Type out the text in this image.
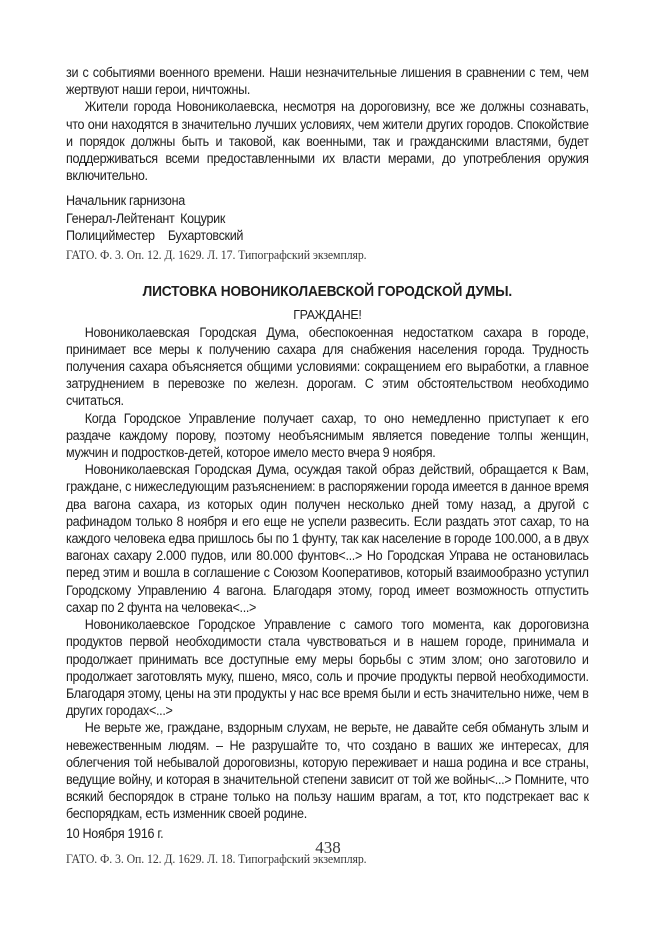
зи с событиями военного времени. Наши незначительные лишения в сравнении с тем, чем жертвуют наши герои, ничтожны.

Жители города Новониколаевска, несмотря на дороговизну, все же должны сознавать, что они находятся в значительно лучших условиях, чем жители других городов. Спокойствие и порядок должны быть и таковой, как военными, так и гражданскими властями, будет поддерживаться всеми предоставленными их власти мерами, до употребления оружия включительно.

Начальник гарнизона

Генерал-Лейтенант Коцурик

Полицийместер Бухартовский

ГАТО. Ф. 3. Оп. 12. Д. 1629. Л. 17. Типографский экземпляр.

ЛИСТОВКА НОВОНИКОЛАЕВСКОЙ ГОРОДСКОЙ ДУМЫ.
ГРАЖДАНЕ!

Новониколаевская Городская Дума, обеспокоенная недостатком сахара в городе, принимает все меры к получению сахара для снабжения населения города. Трудность получения сахара объясняется общими условиями: сокращением его выработки, а главное затруднением в перевозке по железн. дорогам. С этим обстоятельством необходимо считаться.

Когда Городское Управление получает сахар, то оно немедленно приступает к его раздаче каждому порову, поэтому необъяснимым является поведение толпы женщин, мужчин и подростков-детей, которое имело место вчера 9 ноября.

Новониколаевская Городская Дума, осуждая такой образ действий, обращается к Вам, граждане, с нижеследующим разъяснением: в распоряжении города имеется в данное время два вагона сахара, из которых один получен несколько дней тому назад, а другой с рафинадом только 8 ноября и его еще не успели развесить. Если раздать этот сахар, то на каждого человека едва пришлось бы по 1 фунту, так как население в городе 100.000, а в двух вагонах сахару 2.000 пудов, или 80.000 фунтов<...> Но Городская Управа не остановилась перед этим и вошла в соглашение с Союзом Кооперативов, который взаимообразно уступил Городскому Управлению 4 вагона. Благодаря этому, город имеет возможность отпустить сахар по 2 фунта на человека<...>

Новониколаевское Городское Управление с самого того момента, как дороговизна продуктов первой необходимости стала чувствоваться и в нашем городе, принимала и продолжает принимать все доступные ему меры борьбы с этим злом; оно заготовило и продолжает заготовлять муку, пшено, мясо, соль и прочие продукты первой необходимости. Благодаря этому, цены на эти продукты у нас все время были и есть значительно ниже, чем в других городах<...>

Не верьте же, граждане, вздорным слухам, не верьте, не давайте себя обмануть злым и невежественным людям. – Не разрушайте то, что создано в ваших же интересах, для облегчения той небывалой дороговизны, которую переживает и наша родина и все страны, ведущие войну, и которая в значительной степени зависит от той же войны<...> Помните, что всякий беспорядок в стране только на пользу нашим врагам, а тот, кто подстрекает вас к беспорядкам, есть изменник своей родине.

10 Ноября 1916 г.

ГАТО. Ф. 3. Оп. 12. Д. 1629. Л. 18. Типографский экземпляр.

438
